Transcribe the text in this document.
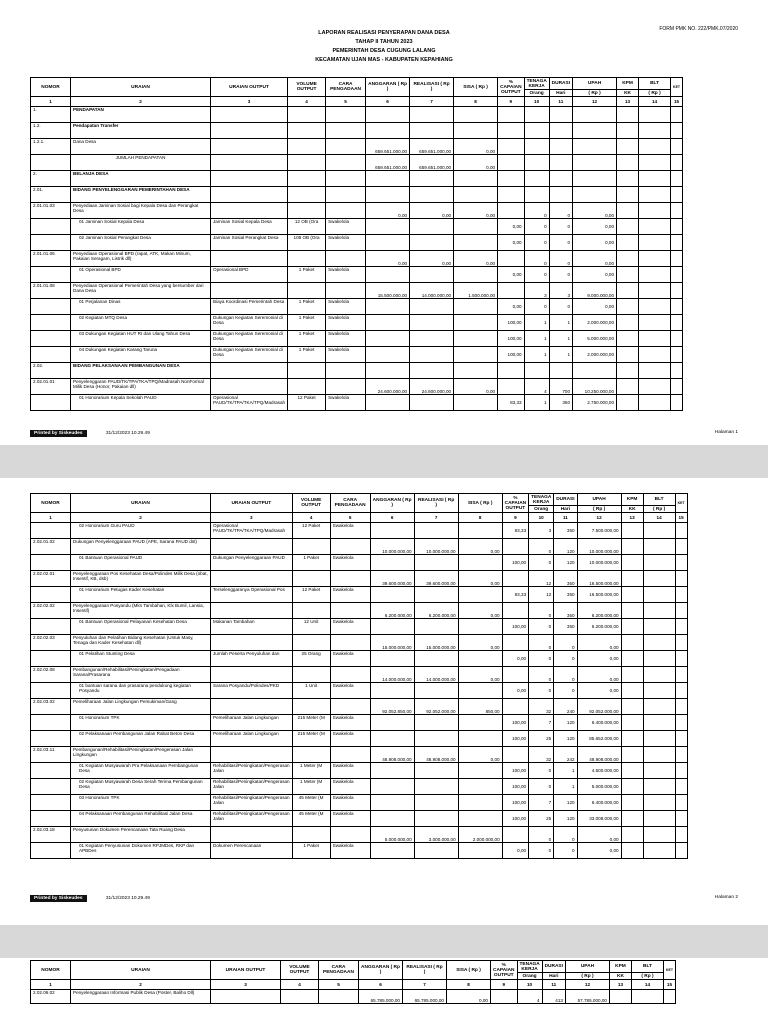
FORM PMK NO. 222/PMK.07/2020
LAPORAN REALISASI PENYERAPAN DANA DESA
TAHAP II TAHUN 2023
PEMERINTAH DESA CUGUNG LALANG
KECAMATAN UJAN MAS - KABUPATEN KEPAHIANG
NOMOR	URAIAN	URAIAN OUTPUT	VOLUME OUTPUT	CARA PENGADAAN	ANGGARAN ( Rp )	REALISASI ( Rp )	SISA ( Rp )	% CAPAIAN OUTPUT	TENAGA KERJA	DURASI	UPAH	KPM	BLT	KET
									Orang	Hari	( Rp )	KK	( Rp )	
1	2	3	4	5	6	7	8	9	10	11	12	13	14	15
1.	PENDAPATAN													
1.2.	Pendapatan Transfer													
1.2.1.	Dana Desa				659.651.000,00	659.651.000,00	0,00							
	JUMLAH PENDAPATAN				659.651.000,00	659.651.000,00	0,00							
2.	BELANJA DESA													
2.01.	BIDANG PENYELENGGARAN PEMERINTAHAN DESA													
2.01.01.03	Penyediaan Jaminan Sosial bagi Kepala Desa dan Perangkat Desa				0,00	0,00	0,00		0	0	0,00			
	01 Jaminan Sosial Kepala Desa	Jaminan Sosial Kepala Desa	12 OB (Ora	Swakelola				0,00	0	0	0,00			
	02 Jaminan Sosial Perangkat Desa	Jaminan Sosial Perangkat Desa	108 OB (Ora	Swakelola				0,00	0	0	0,00			
2.01.01.06	Penyediaan Operasional BPD (rapat, ATK, Makan Minum, Pakaian Seragam, Listrik dll)				0,00	0,00	0,00		0	0	0,00			
	01 Operasional BPD	Operasional BPD	1 Paket	Swakelola				0,00	0	0	0,00			
2.01.01.08	Penyediaan Operasional Pemerintah Desa yang bersumber dari Dana Desa				15.500.000,00	14.000.000,00	1.500.000,00		3	3	9.000.000,00			
	01 Perjalanan Dinas	Biaya Koordinasi Pemerintah Desa	1 Paket	Swakelola				0,00	0	0	0,00			
	02 Kegiatan MTQ Desa	Dukungan Kegiatan Seremonial di Desa	1 Paket	Swakelola				100,00	1	1	2.000.000,00			
	03 Dukungan Kegiatan HUT RI dan Ulang Tahun Desa	Dukungan Kegiatan Seremonial di Desa	1 Paket	Swakelola				100,00	1	1	5.000.000,00			
	04 Dukungan Kegiatan Karang Taruna	Dukungan Kegiatan Seremonial di Desa	1 Paket	Swakelola				100,00	1	1	2.000.000,00			
2.02.	BIDANG PELAKSANAAN PEMBANGUNAN DESA													
2.02.01.01	Penyelenggaran PAUD/TK/TPA/TKA/TPQ/Madrasah NonFormal Milik Desa (Honor, Pakaian dll)				24.600.000,00	24.600.000,00	0,00		4	700	10.250.000,00			
	01 Honorarium Kepala Sekolah PAUD	Operasional PAUD/TK/TPA/TKA/TPQ/Madrasah	12 Paket	Swakelola				83,33	1	350	2.750.000,00			
Printed by Siskeudes	31/12/2023 10.29.49	Halaman 1
NOMOR	URAIAN	URAIAN OUTPUT	VOLUME OUTPUT	CARA PENGADAAN	ANGGARAN ( Rp )	REALISASI ( Rp )	SISA ( Rp )	% CAPAIAN OUTPUT	TENAGA KERJA	DURASI	UPAH	KPM	BLT	KET
									Orang	Hari	( Rp )	KK	( Rp )	
1	2	3	4	5	6	7	8	9	10	11	12	13	14	15
	02 Honorarium Guru PAUD	Operasional PAUD/TK/TPA/TKA/TPQ/Madrasah	12 Paket	Swakelola				83,33	3	350	7.500.000,00			
2.02.01.02	Dukungan Penyelenggaraan PAUD (APE, Sarana PAUD dst)				10.000.000,00	10.000.000,00	0,00		0	120	10.000.000,00			
	01 Bantuan Operasional PAUD	Dukungan Penyelenggaraan PAUD	1 Paket	Swakelola				100,00	0	120	10.000.000,00			
2.02.02.01	Penyelenggaraan Pos Kesehatan Desa/Polindes Milik Desa (obat, Insentif, KB, dsb)				39.600.000,00	39.600.000,00	0,00		12	350	16.500.000,00			
	01 Honorarium Petugas Kader Kesehatan	Terselenggaranya Operasional Pos	12 Paket	Swakelola				83,33	12	350	16.500.000,00			
2.02.02.02	Penyelenggaraan Posyandu (Mkn Tambahan, Klx Bumil, Lansia, Insentif)				6.200.000,00	6.200.000,00	0,00		0	350	6.200.000,00			
	01 Bantuan Operasional Pelayanan Kesehatan Desa	Makanan Tambahan	12 Unit	Swakelola				100,00	0	350	6.200.000,00			
2.02.02.03	Penyuluhan dan Pelatihan Bidang Kesehatan (Untuk Masy, Tenaga dan Kader Kesehatan dll)				15.000.000,00	15.000.000,00	0,00		0	0	0,00			
	01 Pelatihan Stunting Desa	Jumlah Peserta Penyuluhan dan	25 Orang	Swakelola				0,00	0	0	0,00			
2.02.02.08	Pembangunan/Rehabilitasi/Peningkatan/Pengadaan Sarana/Prasarana				14.000.000,00	14.000.000,00	0,00		0	0	0,00			
	01 bantuan sarana dan prasarana pendukung kegiatan Posyandu	Sarana Posyandu/Polindes/PKD	1 Unit	Swakelola				0,00	0	0	0,00			
2.02.03.02	Pemeliharaan Jalan Lingkungan Pemukiman/Gang				92.052.850,00	92.052.000,00	850,00		32	240	92.052.000,00			
	01 Honorarium TPK	Pemeliharaan Jalan Lingkungan	215 Meter (M	Swakelola				100,00	7	120	6.400.000,00			
	02 Pelaksanaan Pembangunan Jalan Rabat Beton Desa	Pemeliharaan Jalan Lingkungan	215 Meter (M	Swakelola				100,00	25	120	85.652.000,00			
2.02.03.11	Pembangunan/Rehabilitasi/Peningkatan/Pengerasan Jalan Lingkungan				48.908.000,00	48.908.000,00	0,00		32	242	48.908.000,00			
	01 Kegiatan Musyawarah Pra Pelaksanaan Pembangunan Desa	Rehabilitasi/Peningkatan/Pengerasan Jalan	1 Meter (M	Swakelola				100,00	0	1	4.500.000,00			
	02 Kegiatan Musyawarah Desa Serah Terima Pembangunan Desa	Rehabilitasi/Peningkatan/Pengerasan Jalan	1 Meter (M	Swakelola				100,00	0	1	5.000.000,00			
	03 Honorarium TPK	Rehabilitasi/Peningkatan/Pengerasan Jalan	45 Meter (M	Swakelola				100,00	7	120	6.400.000,00			
	04 Pelaksanaan Pembangunan Rehabilitasi Jalan Desa	Rehabilitasi/Peningkatan/Pengerasan Jalan	45 Meter (M	Swakelola				100,00	25	120	33.008.000,00			
2.02.03.18	Penyusunan Dokumen Perencanaan Tata Ruang Desa				5.000.000,00	3.000.000,00	2.000.000,00		0	0	0,00			
	01 Kegiatan Penyusunan Dokumen RPJMDes, RKP dan APBDes	Dokumen Perencanaan	1 Paket	Swakelola				0,00	0	0	0,00			
Printed by Siskeudes	31/12/2023 10.29.49	Halaman 2
NOMOR	URAIAN	URAIAN OUTPUT	VOLUME OUTPUT	CARA PENGADAAN	ANGGARAN ( Rp )	REALISASI ( Rp )	SISA ( Rp )	% CAPAIAN OUTPUT	TENAGA KERJA	DURASI	UPAH	KPM	BLT	KET
									Orang	Hari	( Rp )	KK	( Rp )	
1	2	3	4	5	6	7	8	9	10	11	12	13	14	15
2.02.06.02	Penyelenggaraan Informasi Publik Desa (Poster, Baliho Dll)				65.785.000,00	65.785.000,00	0,00		4	413	57.785.000,00			
